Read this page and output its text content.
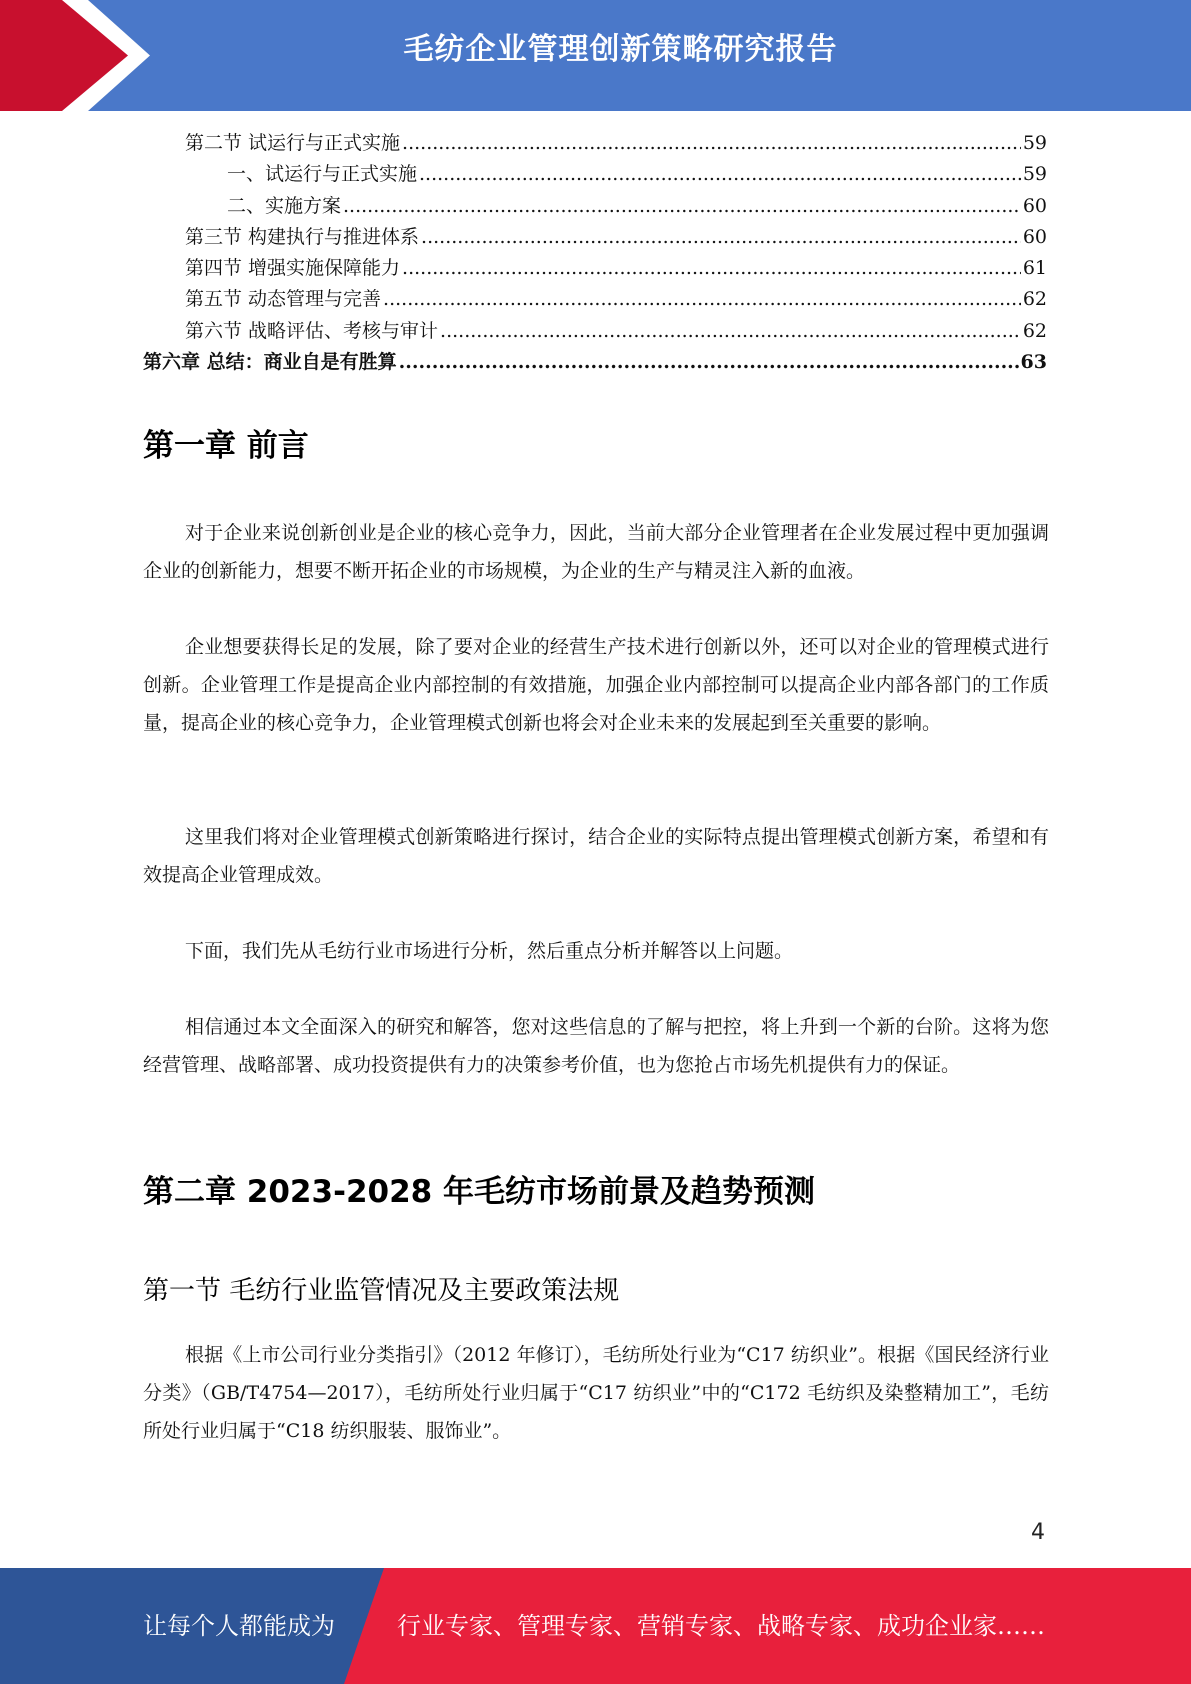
毛纺企业管理创新策略研究报告
第二节 试运行与正式实施 .....	59
一、试运行与正式实施 .....	59
二、实施方案 .....	60
第三节 构建执行与推进体系 .....	60
第四节 增强实施保障能力 .....	61
第五节 动态管理与完善 .....	62
第六节 战略评估、考核与审计 .....	62
第六章 总结：商业自是有胜算 .....	63
第一章 前言

对于企业来说创新创业是企业的核心竞争力，因此，当前大部分企业管理者在企业发展过程中更加强调企业的创新能力，想要不断开拓企业的市场规模，为企业的生产与精灵注入新的血液。

企业想要获得长足的发展，除了要对企业的经营生产技术进行创新以外，还可以对企业的管理模式进行创新。企业管理工作是提高企业内部控制的有效措施，加强企业内部控制可以提高企业内部各部门的工作质量，提高企业的核心竞争力，企业管理模式创新也将会对企业未来的发展起到至关重要的影响。

这里我们将对企业管理模式创新策略进行探讨，结合企业的实际特点提出管理模式创新方案，希望和有效提高企业管理成效。

下面，我们先从毛纺行业市场进行分析，然后重点分析并解答以上问题。

相信通过本文全面深入的研究和解答，您对这些信息的了解与把控，将上升到一个新的台阶。这将为您经营管理、战略部署、成功投资提供有力的决策参考价值，也为您抢占市场先机提供有力的保证。

第二章 2023-2028 年毛纺市场前景及趋势预测
第一节 毛纺行业监管情况及主要政策法规

根据《上市公司行业分类指引》（2012 年修订），毛纺所处行业为“C17 纺织业”。根据《国民经济行业分类》（GB/T4754—2017），毛纺所处行业归属于“C17 纺织业”中的“C172 毛纺织及染整精加工”，毛纺所处行业归属于“C18 纺织服装、服饰业”。

4
让每个人都能成为	行业专家、管理专家、营销专家、战略专家、成功企业家……
